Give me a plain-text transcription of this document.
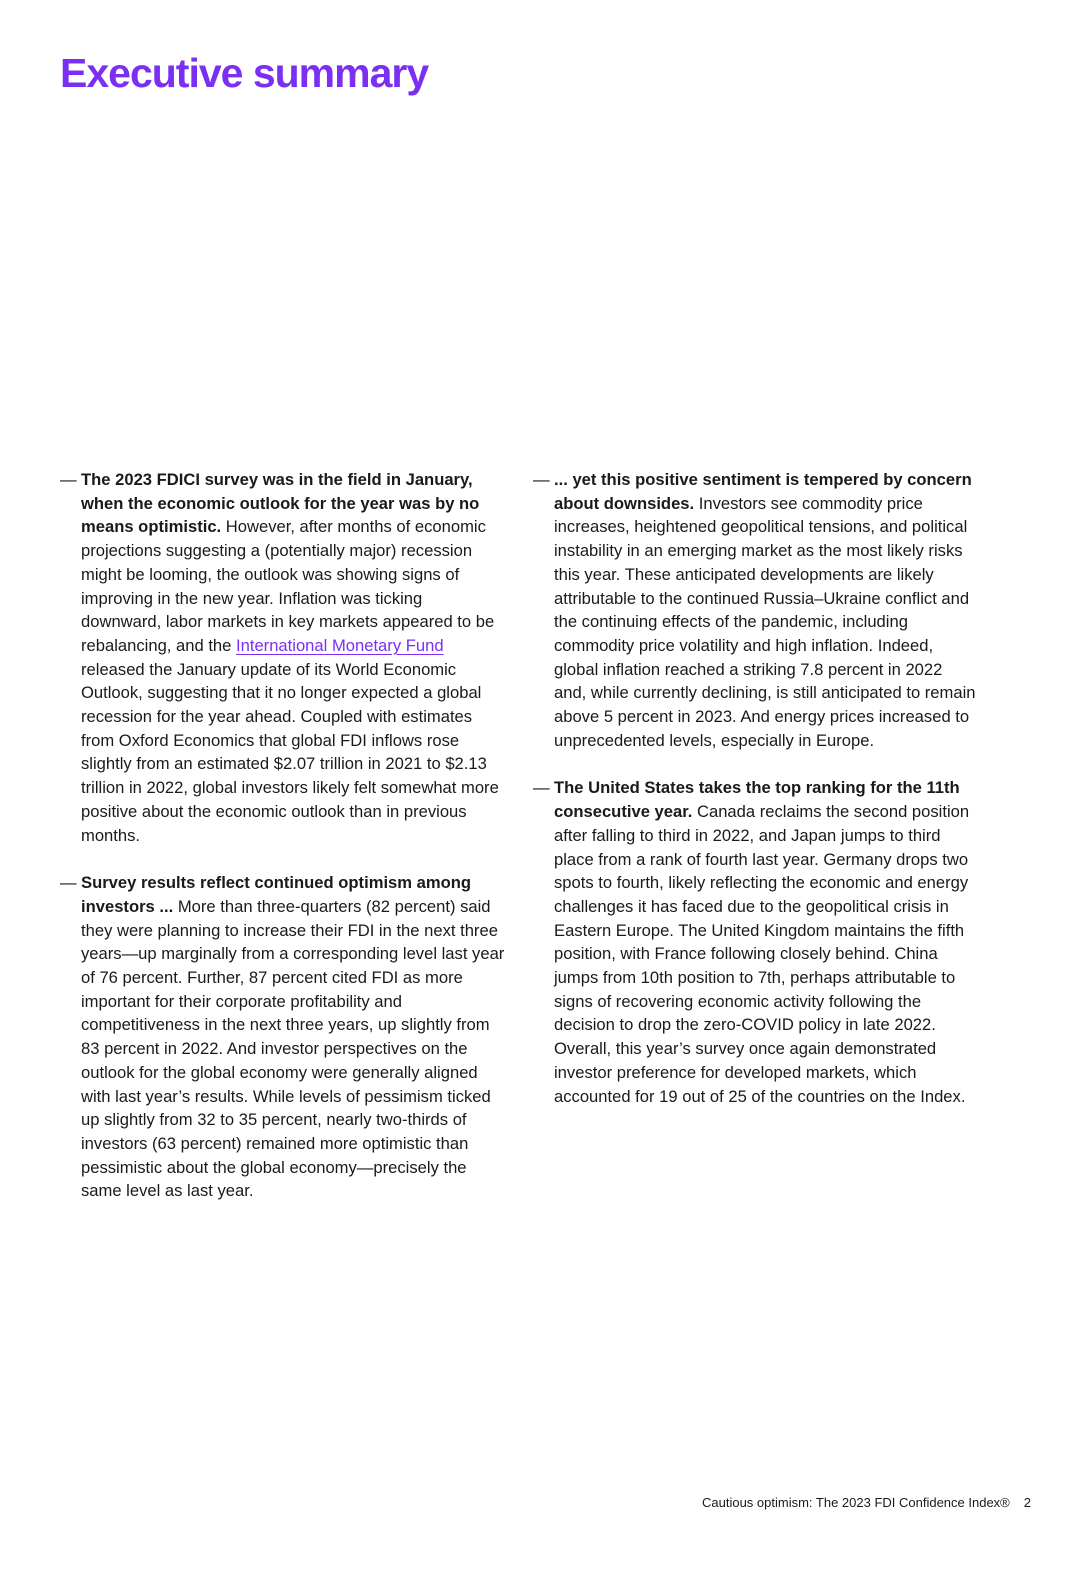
Executive summary

— The 2023 FDICI survey was in the field in January, when the economic outlook for the year was by no means optimistic. However, after months of economic projections suggesting a (potentially major) recession might be looming, the outlook was showing signs of improving in the new year. Inflation was ticking downward, labor markets in key markets appeared to be rebalancing, and the International Monetary Fund released the January update of its World Economic Outlook, suggesting that it no longer expected a global recession for the year ahead. Coupled with estimates from Oxford Economics that global FDI inflows rose slightly from an estimated $2.07 trillion in 2021 to $2.13 trillion in 2022, global investors likely felt somewhat more positive about the economic outlook than in previous months.

— Survey results reflect continued optimism among investors ... More than three-quarters (82 percent) said they were planning to increase their FDI in the next three years—up marginally from a corresponding level last year of 76 percent. Further, 87 percent cited FDI as more important for their corporate profitability and competitiveness in the next three years, up slightly from 83 percent in 2022. And investor perspectives on the outlook for the global economy were generally aligned with last year’s results. While levels of pessimism ticked up slightly from 32 to 35 percent, nearly two-thirds of investors (63 percent) remained more optimistic than pessimistic about the global economy—precisely the same level as last year.

— ... yet this positive sentiment is tempered by concern about downsides. Investors see commodity price increases, heightened geopolitical tensions, and political instability in an emerging market as the most likely risks this year. These anticipated developments are likely attributable to the continued Russia–Ukraine conflict and the continuing effects of the pandemic, including commodity price volatility and high inflation. Indeed, global inflation reached a striking 7.8 percent in 2022 and, while currently declining, is still anticipated to remain above 5 percent in 2023. And energy prices increased to unprecedented levels, especially in Europe.

— The United States takes the top ranking for the 11th consecutive year. Canada reclaims the second position after falling to third in 2022, and Japan jumps to third place from a rank of fourth last year. Germany drops two spots to fourth, likely reflecting the economic and energy challenges it has faced due to the geopolitical crisis in Eastern Europe. The United Kingdom maintains the fifth position, with France following closely behind. China jumps from 10th position to 7th, perhaps attributable to signs of recovering economic activity following the decision to drop the zero-COVID policy in late 2022. Overall, this year’s survey once again demonstrated investor preference for developed markets, which accounted for 19 out of 25 of the countries on the Index.

Cautious optimism: The 2023 FDI Confidence Index® 2
